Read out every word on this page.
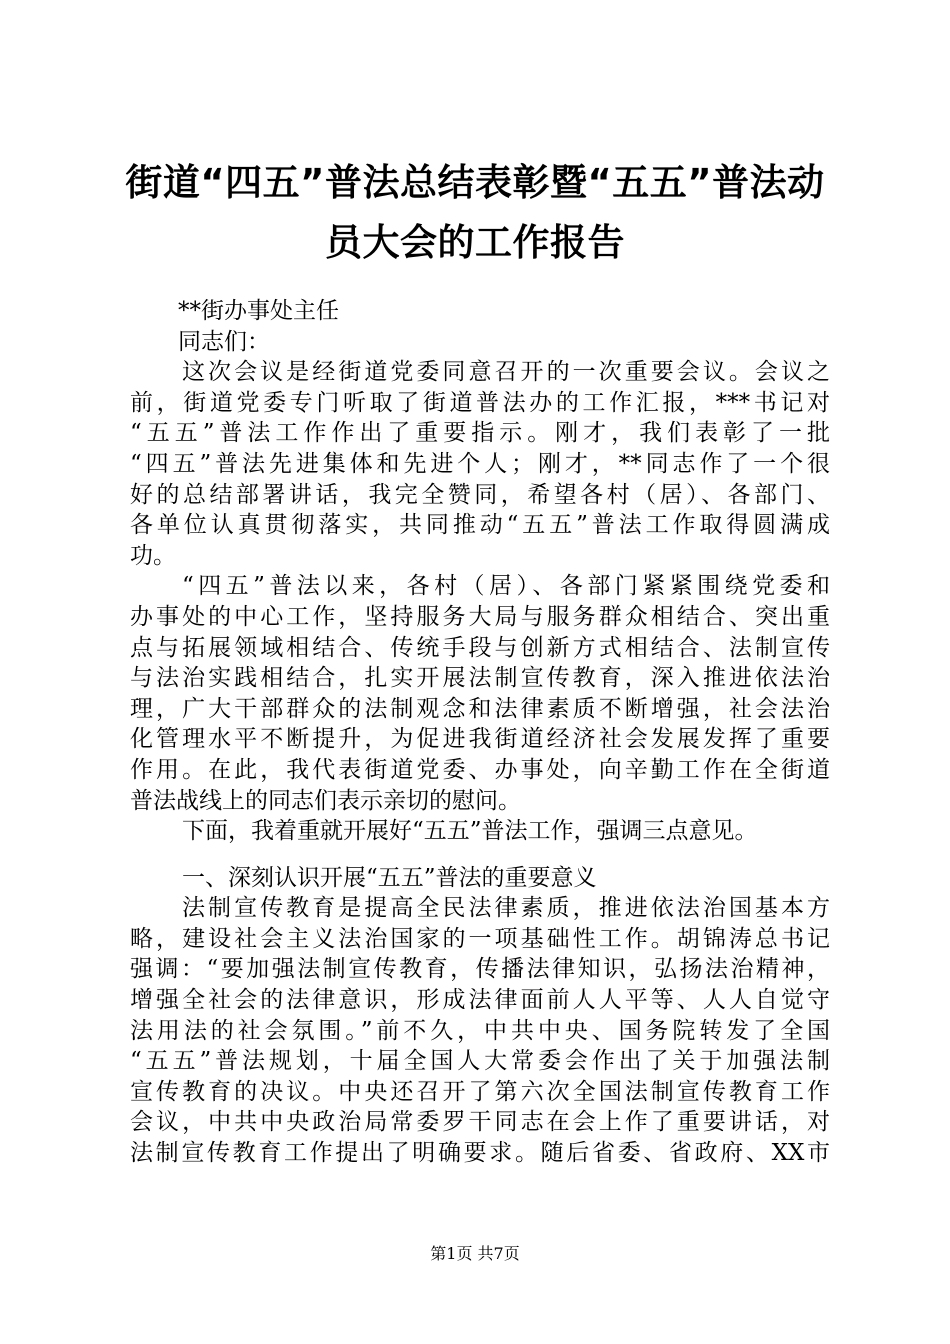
街道“四五”普法总结表彰暨“五五”普法动
员大会的工作报告
**街办事处主任
同志们：
这次会议是经街道党委同意召开的一次重要会议。会议之
前，街道党委专门听取了街道普法办的工作汇报，***书记对
“五五”普法工作作出了重要指示。刚才，我们表彰了一批
“四五”普法先进集体和先进个人；刚才，**同志作了一个很
好的总结部署讲话，我完全赞同，希望各村（居）、各部门、
各单位认真贯彻落实，共同推动“五五”普法工作取得圆满成
功。
“四五”普法以来，各村（居）、各部门紧紧围绕党委和
办事处的中心工作，坚持服务大局与服务群众相结合、突出重
点与拓展领域相结合、传统手段与创新方式相结合、法制宣传
与法治实践相结合，扎实开展法制宣传教育，深入推进依法治
理，广大干部群众的法制观念和法律素质不断增强，社会法治
化管理水平不断提升，为促进我街道经济社会发展发挥了重要
作用。在此，我代表街道党委、办事处，向辛勤工作在全街道
普法战线上的同志们表示亲切的慰问。
下面，我着重就开展好“五五”普法工作，强调三点意见。
一、深刻认识开展“五五”普法的重要意义
法制宣传教育是提高全民法律素质，推进依法治国基本方
略，建设社会主义法治国家的一项基础性工作。胡锦涛总书记
强调：“要加强法制宣传教育，传播法律知识，弘扬法治精神，
增强全社会的法律意识，形成法律面前人人平等、人人自觉守
法用法的社会氛围。”前不久，中共中央、国务院转发了全国
“五五”普法规划，十届全国人大常委会作出了关于加强法制
宣传教育的决议。中央还召开了第六次全国法制宣传教育工作
会议，中共中央政治局常委罗干同志在会上作了重要讲话，对
法制宣传教育工作提出了明确要求。随后省委、省政府、XX市
第1页 共7页
